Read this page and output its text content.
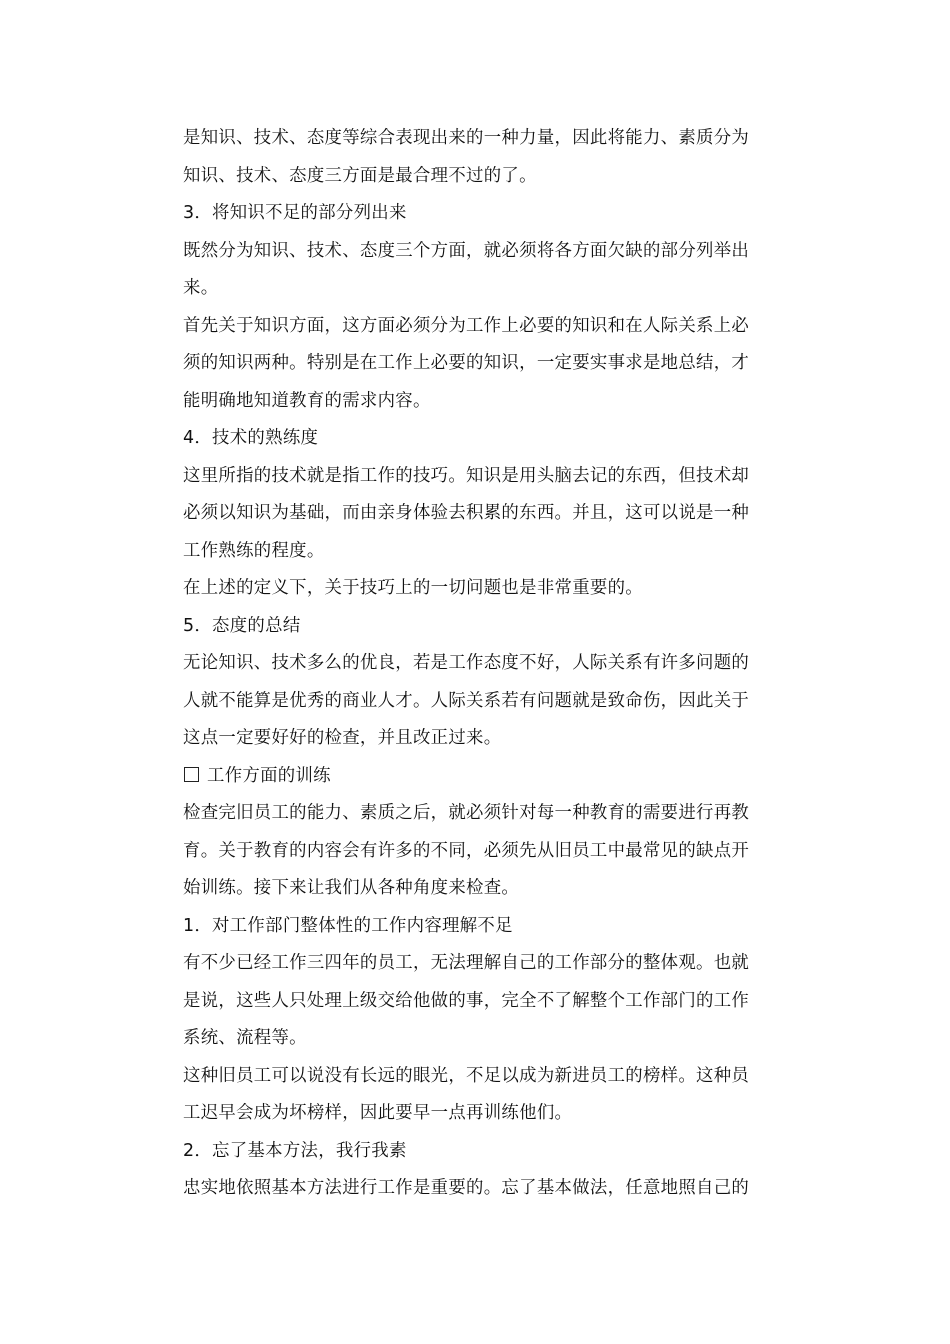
是知识、技术、态度等综合表现出来的一种力量，因此将能力、素质分为
知识、技术、态度三方面是最合理不过的了。
3．将知识不足的部分列出来
既然分为知识、技术、态度三个方面，就必须将各方面欠缺的部分列举出
来。
首先关于知识方面，这方面必须分为工作上必要的知识和在人际关系上必
须的知识两种。特别是在工作上必要的知识，一定要实事求是地总结，才
能明确地知道教育的需求内容。
4．技术的熟练度
这里所指的技术就是指工作的技巧。知识是用头脑去记的东西，但技术却
必须以知识为基础，而由亲身体验去积累的东西。并且，这可以说是一种
工作熟练的程度。
在上述的定义下，关于技巧上的一切问题也是非常重要的。
5．态度的总结
无论知识、技术多么的优良，若是工作态度不好，人际关系有许多问题的
人就不能算是优秀的商业人才。人际关系若有问题就是致命伤，因此关于
这点一定要好好的检查，并且改正过来。
工作方面的训练
检查完旧员工的能力、素质之后，就必须针对每一种教育的需要进行再教
育。关于教育的内容会有许多的不同，必须先从旧员工中最常见的缺点开
始训练。接下来让我们从各种角度来检查。
1．对工作部门整体性的工作内容理解不足
有不少已经工作三四年的员工，无法理解自己的工作部分的整体观。也就
是说，这些人只处理上级交给他做的事，完全不了解整个工作部门的工作
系统、流程等。
这种旧员工可以说没有长远的眼光，不足以成为新进员工的榜样。这种员
工迟早会成为坏榜样，因此要早一点再训练他们。
2．忘了基本方法，我行我素
忠实地依照基本方法进行工作是重要的。忘了基本做法，任意地照自己的
